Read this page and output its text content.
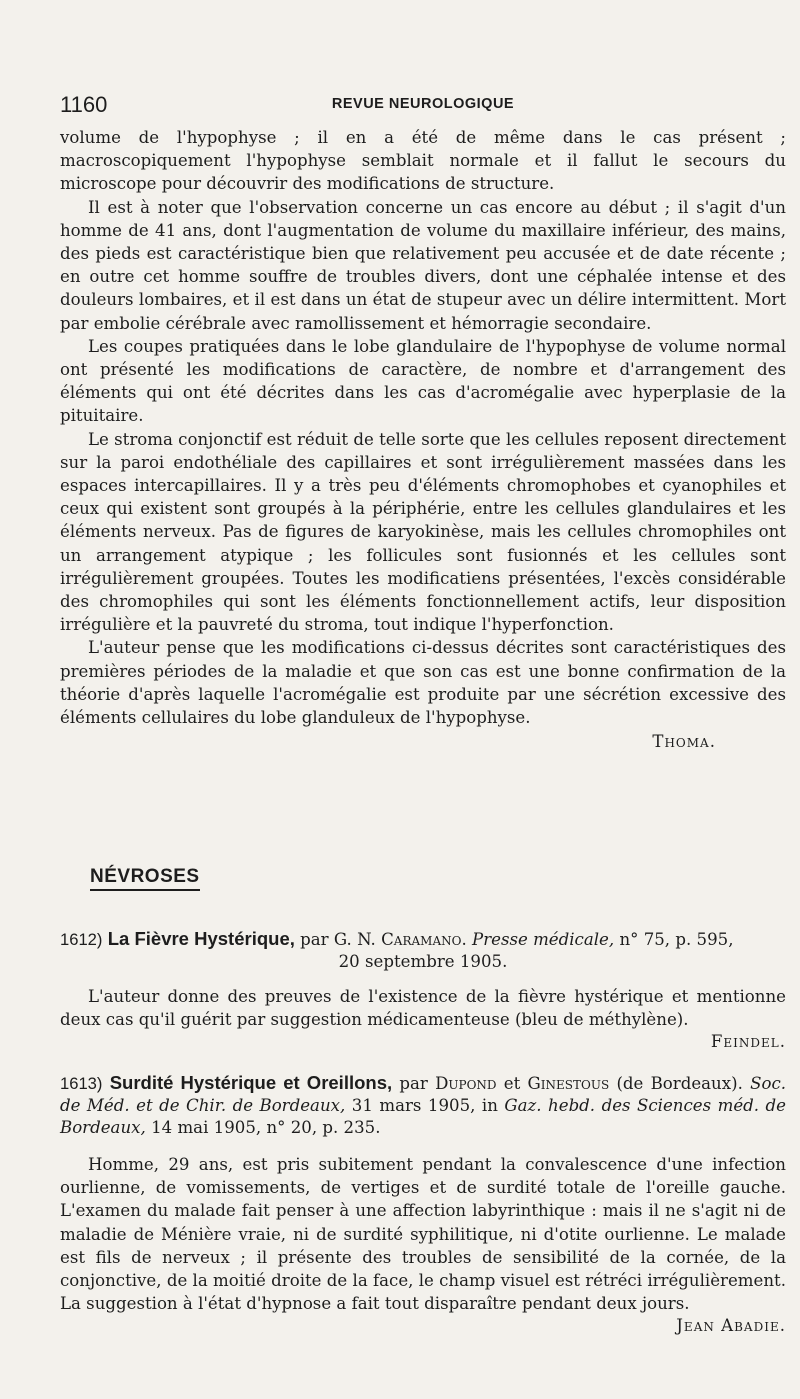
1160	REVUE NEUROLOGIQUE

volume de l'hypophyse ; il en a été de même dans le cas présent ; macroscopiquement l'hypophyse semblait normale et il fallut le secours du microscope pour découvrir des modifications de structure.

Il est à noter que l'observation concerne un cas encore au début ; il s'agit d'un homme de 41 ans, dont l'augmentation de volume du maxillaire inférieur, des mains, des pieds est caractéristique bien que relativement peu accusée et de date récente ; en outre cet homme souffre de troubles divers, dont une céphalée intense et des douleurs lombaires, et il est dans un état de stupeur avec un délire intermittent. Mort par embolie cérébrale avec ramollissement et hémorragie secondaire.

Les coupes pratiquées dans le lobe glandulaire de l'hypophyse de volume normal ont présenté les modifications de caractère, de nombre et d'arrangement des éléments qui ont été décrites dans les cas d'acromégalie avec hyperplasie de la pituitaire.

Le stroma conjonctif est réduit de telle sorte que les cellules reposent directement sur la paroi endothéliale des capillaires et sont irrégulièrement massées dans les espaces intercapillaires. Il y a très peu d'éléments chromophobes et cyanophiles et ceux qui existent sont groupés à la périphérie, entre les cellules glandulaires et les éléments nerveux. Pas de figures de karyokinèse, mais les cellules chromophiles ont un arrangement atypique ; les follicules sont fusionnés et les cellules sont irrégulièrement groupées. Toutes les modificatiens présentées, l'excès considérable des chromophiles qui sont les éléments fonctionnellement actifs, leur disposition irrégulière et la pauvreté du stroma, tout indique l'hyperfonction.

L'auteur pense que les modifications ci-dessus décrites sont caractéristiques des premières périodes de la maladie et que son cas est une bonne confirmation de la théorie d'après laquelle l'acromégalie est produite par une sécrétion excessive des éléments cellulaires du lobe glanduleux de l'hypophyse.

Thoma.

NÉVROSES

1612) La Fièvre Hystérique, par G. N. Caramano. Presse médicale, n° 75, p. 595,

20 septembre 1905.

L'auteur donne des preuves de l'existence de la fièvre hystérique et mentionne deux cas qu'il guérit par suggestion médicamenteuse (bleu de méthylène).

Feindel.

1613) Surdité Hystérique et Oreillons, par Dupond et Ginestous (de Bordeaux). Soc. de Méd. et de Chir. de Bordeaux, 31 mars 1905, in Gaz. hebd. des Sciences méd. de Bordeaux, 14 mai 1905, n° 20, p. 235.

Homme, 29 ans, est pris subitement pendant la convalescence d'une infection ourlienne, de vomissements, de vertiges et de surdité totale de l'oreille gauche. L'examen du malade fait penser à une affection labyrinthique : mais il ne s'agit ni de maladie de Ménière vraie, ni de surdité syphilitique, ni d'otite ourlienne. Le malade est fils de nerveux ; il présente des troubles de sensibilité de la cornée, de la conjonctive, de la moitié droite de la face, le champ visuel est rétréci irrégulièrement. La suggestion à l'état d'hypnose a fait tout disparaître pendant deux jours.

Jean Abadie.
